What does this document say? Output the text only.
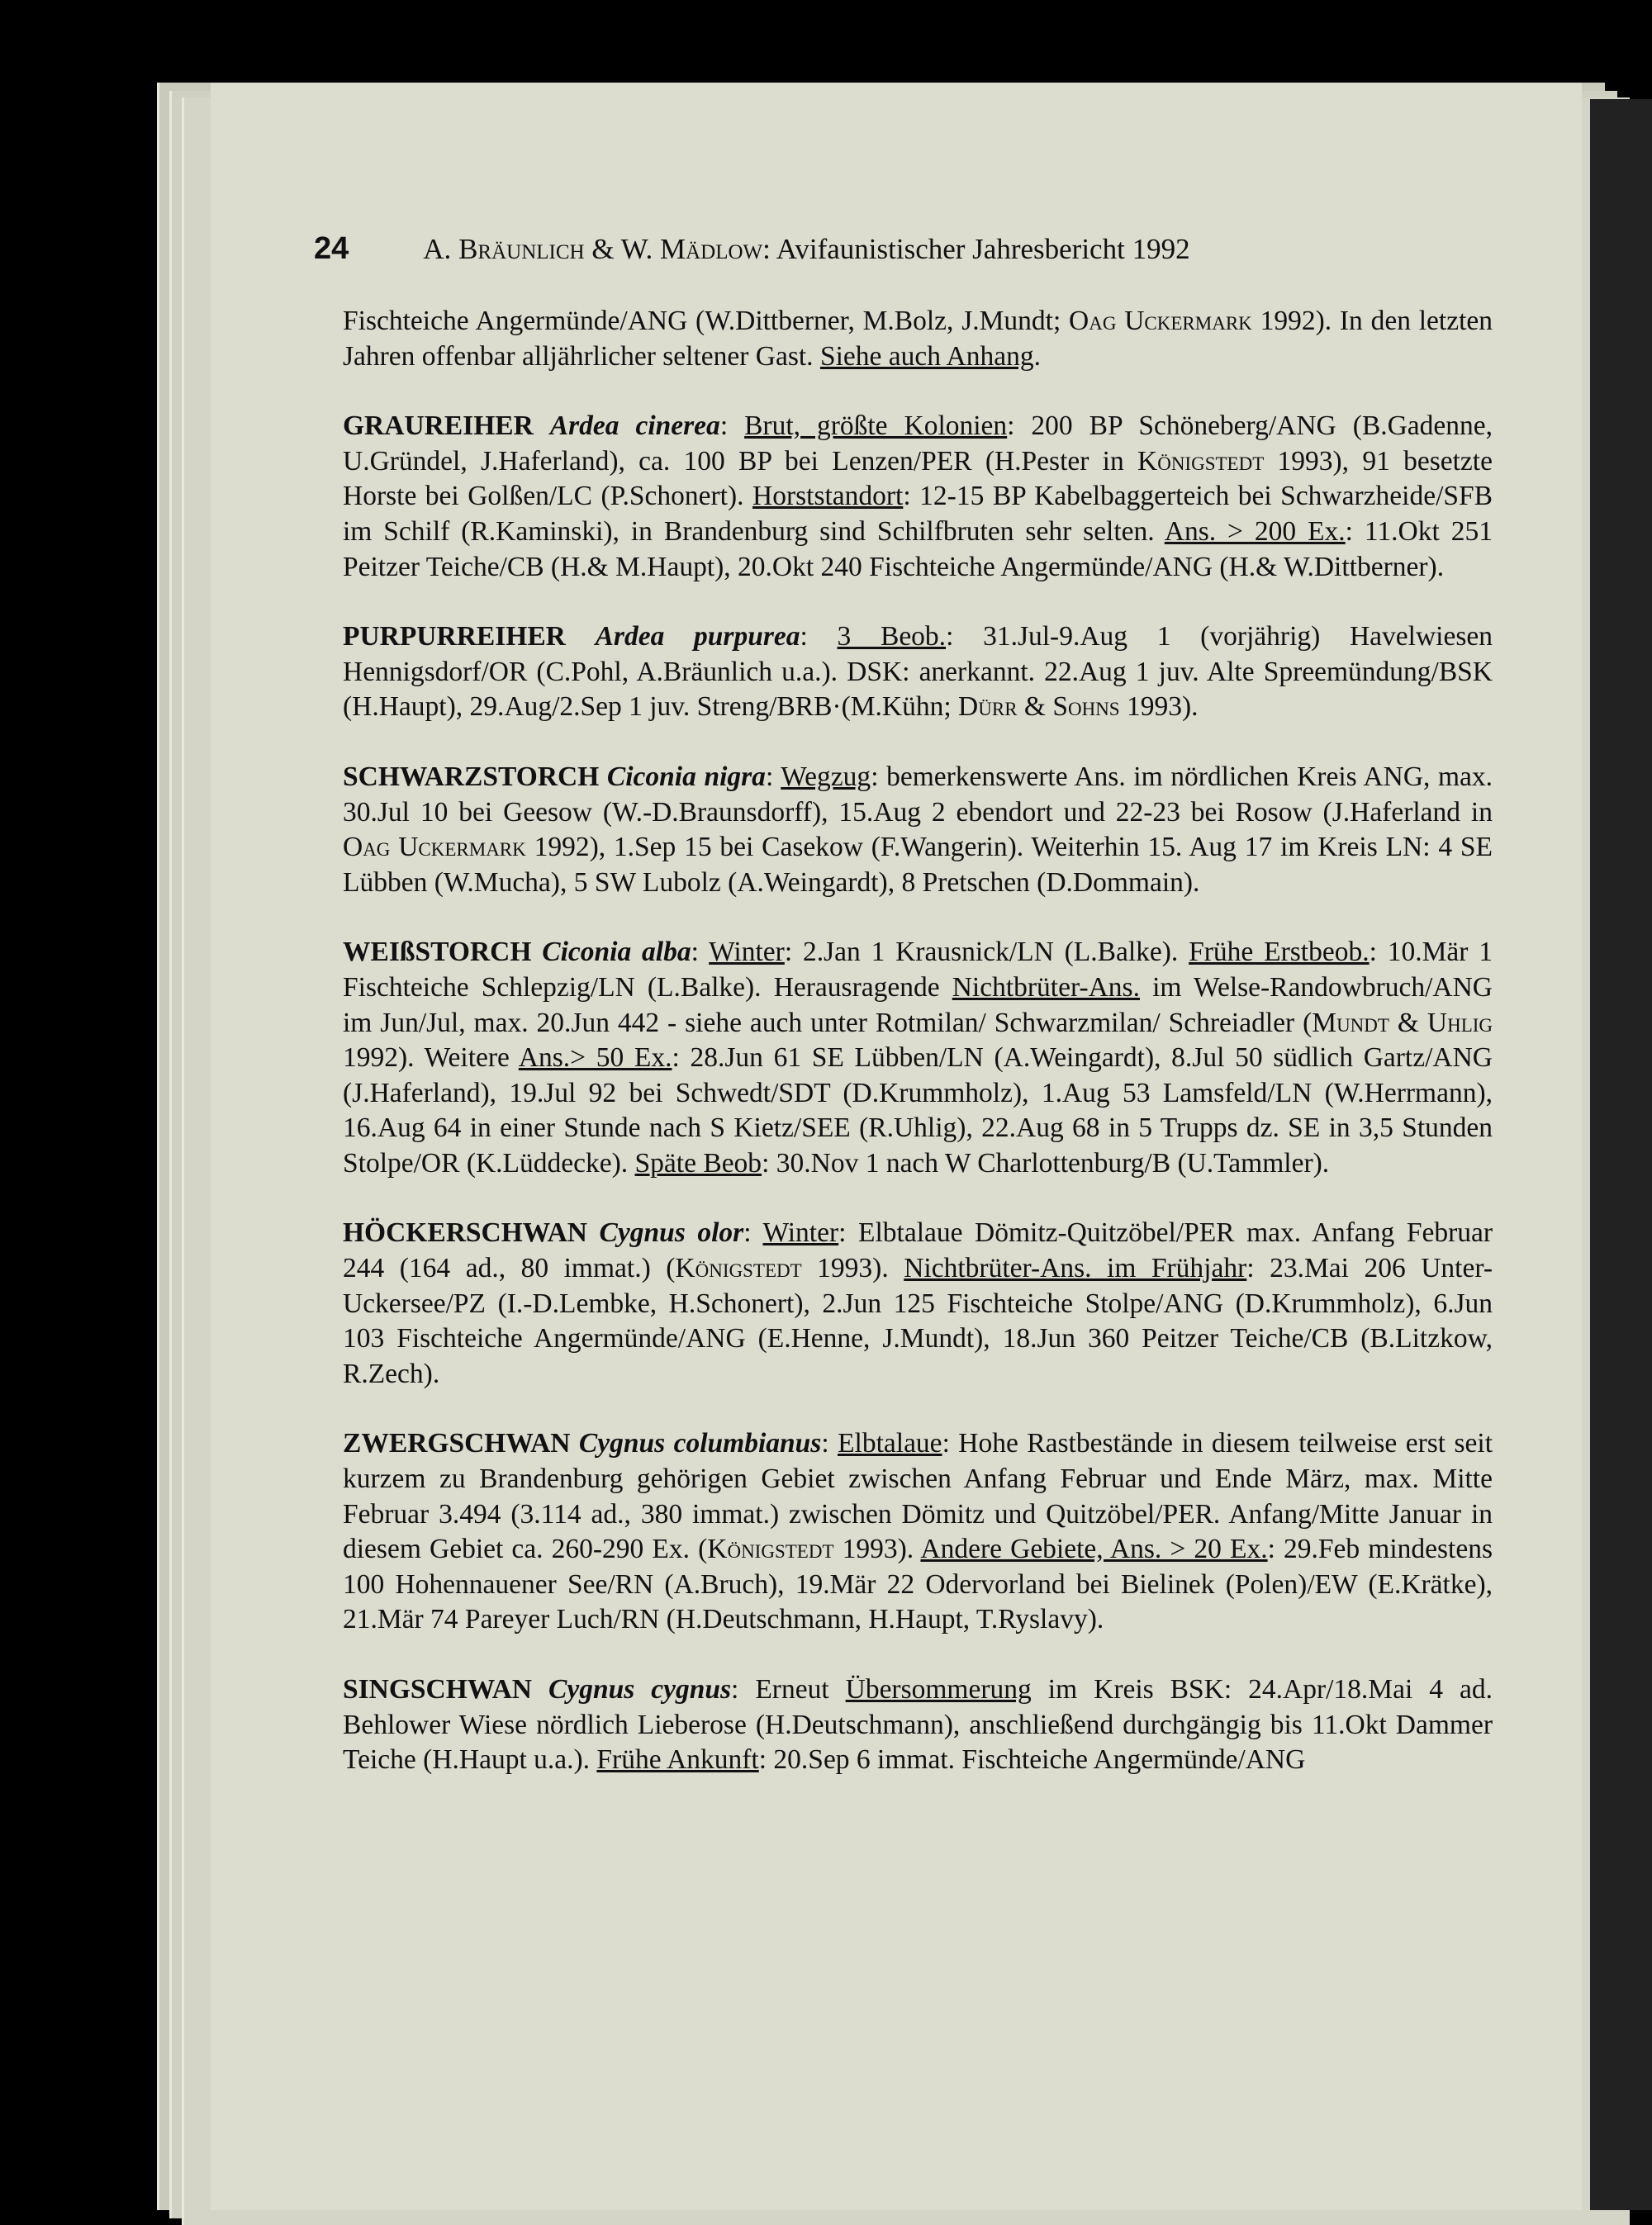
24	A. Bräunlich & W. Mädlow: Avifaunistischer Jahresbericht 1992

Fischteiche Angermünde/ANG (W.Dittberner, M.Bolz, J.Mundt; Oag Uckermark 1992). In den letzten Jahren offenbar alljährlicher seltener Gast. Siehe auch Anhang.

GRAUREIHER Ardea cinerea: Brut, größte Kolonien: 200 BP Schöneberg/ANG (B.Gadenne, U.Gründel, J.Haferland), ca. 100 BP bei Lenzen/PER (H.Pester in Königstedt 1993), 91 besetzte Horste bei Golßen/LC (P.Schonert). Horststandort: 12-15 BP Kabelbaggerteich bei Schwarzheide/SFB im Schilf (R.Kaminski), in Brandenburg sind Schilfbruten sehr selten. Ans. > 200 Ex.: 11.Okt 251 Peitzer Teiche/CB (H.& M.Haupt), 20.Okt 240 Fischteiche Angermünde/ANG (H.& W.Dittberner).

PURPURREIHER Ardea purpurea: 3 Beob.: 31.Jul-9.Aug 1 (vorjährig) Havelwiesen Hennigsdorf/OR (C.Pohl, A.Bräunlich u.a.). DSK: anerkannt. 22.Aug 1 juv. Alte Spreemündung/BSK (H.Haupt), 29.Aug/2.Sep 1 juv. Streng/BRB·(M.Kühn; Dürr & Sohns 1993).

SCHWARZSTORCH Ciconia nigra: Wegzug: bemerkenswerte Ans. im nördlichen Kreis ANG, max. 30.Jul 10 bei Geesow (W.-D.Braunsdorff), 15.Aug 2 ebendort und 22-23 bei Rosow (J.Haferland in Oag Uckermark 1992), 1.Sep 15 bei Casekow (F.Wangerin). Weiterhin 15. Aug 17 im Kreis LN: 4 SE Lübben (W.Mucha), 5 SW Lubolz (A.Weingardt), 8 Pretschen (D.Dommain).

WEIßSTORCH Ciconia alba: Winter: 2.Jan 1 Krausnick/LN (L.Balke). Frühe Erstbeob.: 10.Mär 1 Fischteiche Schlepzig/LN (L.Balke). Herausragende Nichtbrüter-Ans. im Welse-Randowbruch/ANG im Jun/Jul, max. 20.Jun 442 - siehe auch unter Rotmilan/ Schwarzmilan/ Schreiadler (Mundt & Uhlig 1992). Weitere Ans.> 50 Ex.: 28.Jun 61 SE Lübben/LN (A.Weingardt), 8.Jul 50 südlich Gartz/ANG (J.Haferland), 19.Jul 92 bei Schwedt/SDT (D.Krummholz), 1.Aug 53 Lamsfeld/LN (W.Herrmann), 16.Aug 64 in einer Stunde nach S Kietz/SEE (R.Uhlig), 22.Aug 68 in 5 Trupps dz. SE in 3,5 Stunden Stolpe/OR (K.Lüddecke). Späte Beob: 30.Nov 1 nach W Charlottenburg/B (U.Tammler).

HÖCKERSCHWAN Cygnus olor: Winter: Elbtalaue Dömitz-Quitzöbel/PER max. Anfang Februar 244 (164 ad., 80 immat.) (Königstedt 1993). Nichtbrüter-Ans. im Frühjahr: 23.Mai 206 Unter-Uckersee/PZ (I.-D.Lembke, H.Schonert), 2.Jun 125 Fischteiche Stolpe/ANG (D.Krummholz), 6.Jun 103 Fischteiche Angermünde/ANG (E.Henne, J.Mundt), 18.Jun 360 Peitzer Teiche/CB (B.Litzkow, R.Zech).

ZWERGSCHWAN Cygnus columbianus: Elbtalaue: Hohe Rastbestände in diesem teilweise erst seit kurzem zu Brandenburg gehörigen Gebiet zwischen Anfang Februar und Ende März, max. Mitte Februar 3.494 (3.114 ad., 380 immat.) zwischen Dömitz und Quitzöbel/PER. Anfang/Mitte Januar in diesem Gebiet ca. 260-290 Ex. (Königstedt 1993). Andere Gebiete, Ans. > 20 Ex.: 29.Feb mindestens 100 Hohennauener See/RN (A.Bruch), 19.Mär 22 Odervorland bei Bielinek (Polen)/EW (E.Krätke), 21.Mär 74 Pareyer Luch/RN (H.Deutschmann, H.Haupt, T.Ryslavy).

SINGSCHWAN Cygnus cygnus: Erneut Übersommerung im Kreis BSK: 24.Apr/18.Mai 4 ad. Behlower Wiese nördlich Lieberose (H.Deutschmann), anschließend durchgängig bis 11.Okt Dammer Teiche (H.Haupt u.a.). Frühe Ankunft: 20.Sep 6 immat. Fischteiche Angermünde/ANG
